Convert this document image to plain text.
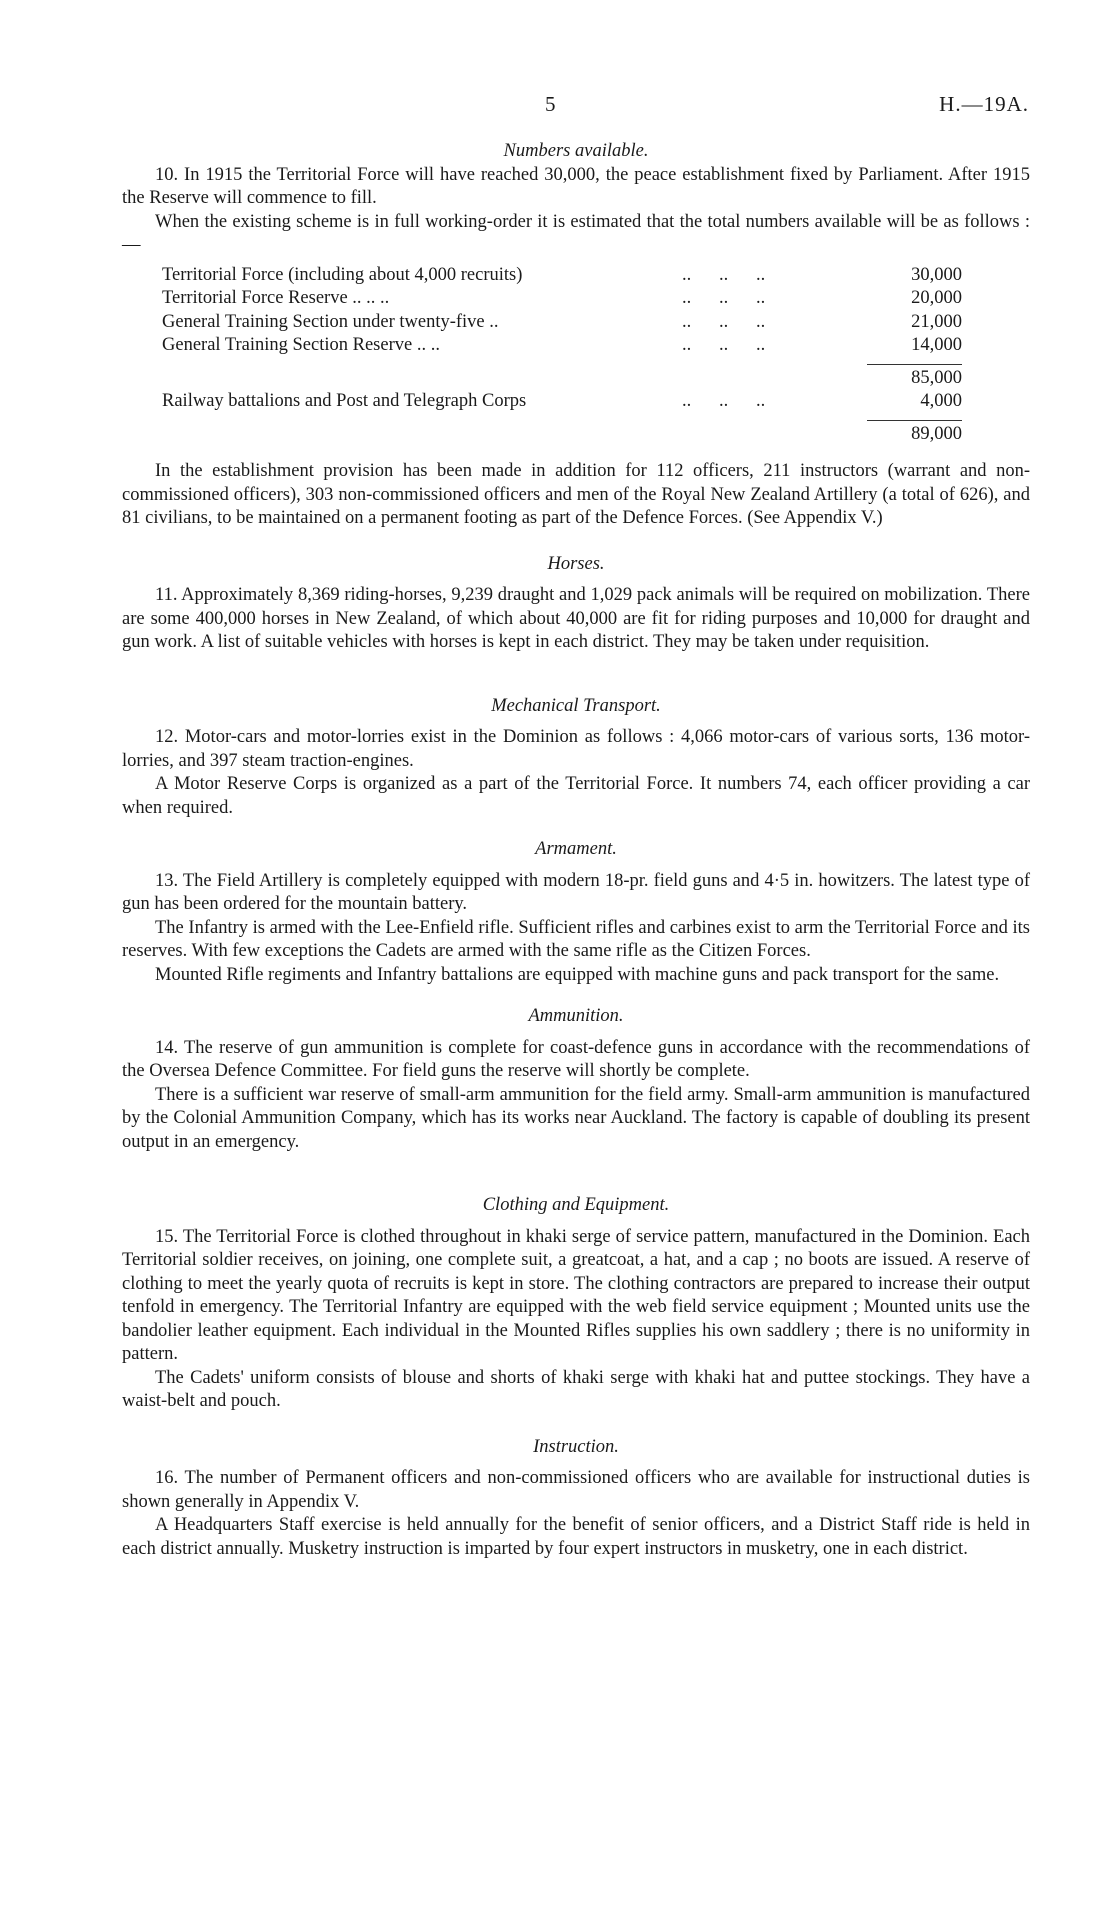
5	H.—19A.
Numbers available.

10. In 1915 the Territorial Force will have reached 30,000, the peace establishment fixed by Parliament. After 1915 the Reserve will commence to fill.

When the existing scheme is in full working-order it is estimated that the total numbers available will be as follows :—

Territorial Force (including about 4,000 recruits)	..      ..      ..	30,000
Territorial Force Reserve .. .. ..	..      ..      ..	20,000
General Training Section under twenty-five ..	..      ..      ..	21,000
General Training Section Reserve .. ..	..      ..      ..	14,000
85,000
Railway battalions and Post and Telegraph Corps	..      ..      ..	4,000
89,000

In the establishment provision has been made in addition for 112 officers, 211 instructors (warrant and non-commissioned officers), 303 non-commissioned officers and men of the Royal New Zealand Artillery (a total of 626), and 81 civilians, to be maintained on a permanent footing as part of the Defence Forces. (See Appendix V.)

Horses.

11. Approximately 8,369 riding-horses, 9,239 draught and 1,029 pack animals will be required on mobilization. There are some 400,000 horses in New Zealand, of which about 40,000 are fit for riding purposes and 10,000 for draught and gun work. A list of suitable vehicles with horses is kept in each district. They may be taken under requisition.

Mechanical Transport.

12. Motor-cars and motor-lorries exist in the Dominion as follows : 4,066 motor-cars of various sorts, 136 motor-lorries, and 397 steam traction-engines.

A Motor Reserve Corps is organized as a part of the Territorial Force. It numbers 74, each officer providing a car when required.

Armament.

13. The Field Artillery is completely equipped with modern 18-pr. field guns and 4·5 in. howitzers. The latest type of gun has been ordered for the mountain battery.

The Infantry is armed with the Lee-Enfield rifle. Sufficient rifles and carbines exist to arm the Territorial Force and its reserves. With few exceptions the Cadets are armed with the same rifle as the Citizen Forces.

Mounted Rifle regiments and Infantry battalions are equipped with machine guns and pack transport for the same.

Ammunition.

14. The reserve of gun ammunition is complete for coast-defence guns in accordance with the recommendations of the Oversea Defence Committee. For field guns the reserve will shortly be complete.

There is a sufficient war reserve of small-arm ammunition for the field army. Small-arm ammunition is manufactured by the Colonial Ammunition Company, which has its works near Auckland. The factory is capable of doubling its present output in an emergency.

Clothing and Equipment.

15. The Territorial Force is clothed throughout in khaki serge of service pattern, manufactured in the Dominion. Each Territorial soldier receives, on joining, one complete suit, a greatcoat, a hat, and a cap ; no boots are issued. A reserve of clothing to meet the yearly quota of recruits is kept in store. The clothing contractors are prepared to increase their output tenfold in emergency. The Territorial Infantry are equipped with the web field service equipment ; Mounted units use the bandolier leather equipment. Each individual in the Mounted Rifles supplies his own saddlery ; there is no uniformity in pattern.

The Cadets' uniform consists of blouse and shorts of khaki serge with khaki hat and puttee stockings. They have a waist-belt and pouch.

Instruction.

16. The number of Permanent officers and non-commissioned officers who are available for instructional duties is shown generally in Appendix V.

A Headquarters Staff exercise is held annually for the benefit of senior officers, and a District Staff ride is held in each district annually. Musketry instruction is imparted by four expert instructors in musketry, one in each district.
